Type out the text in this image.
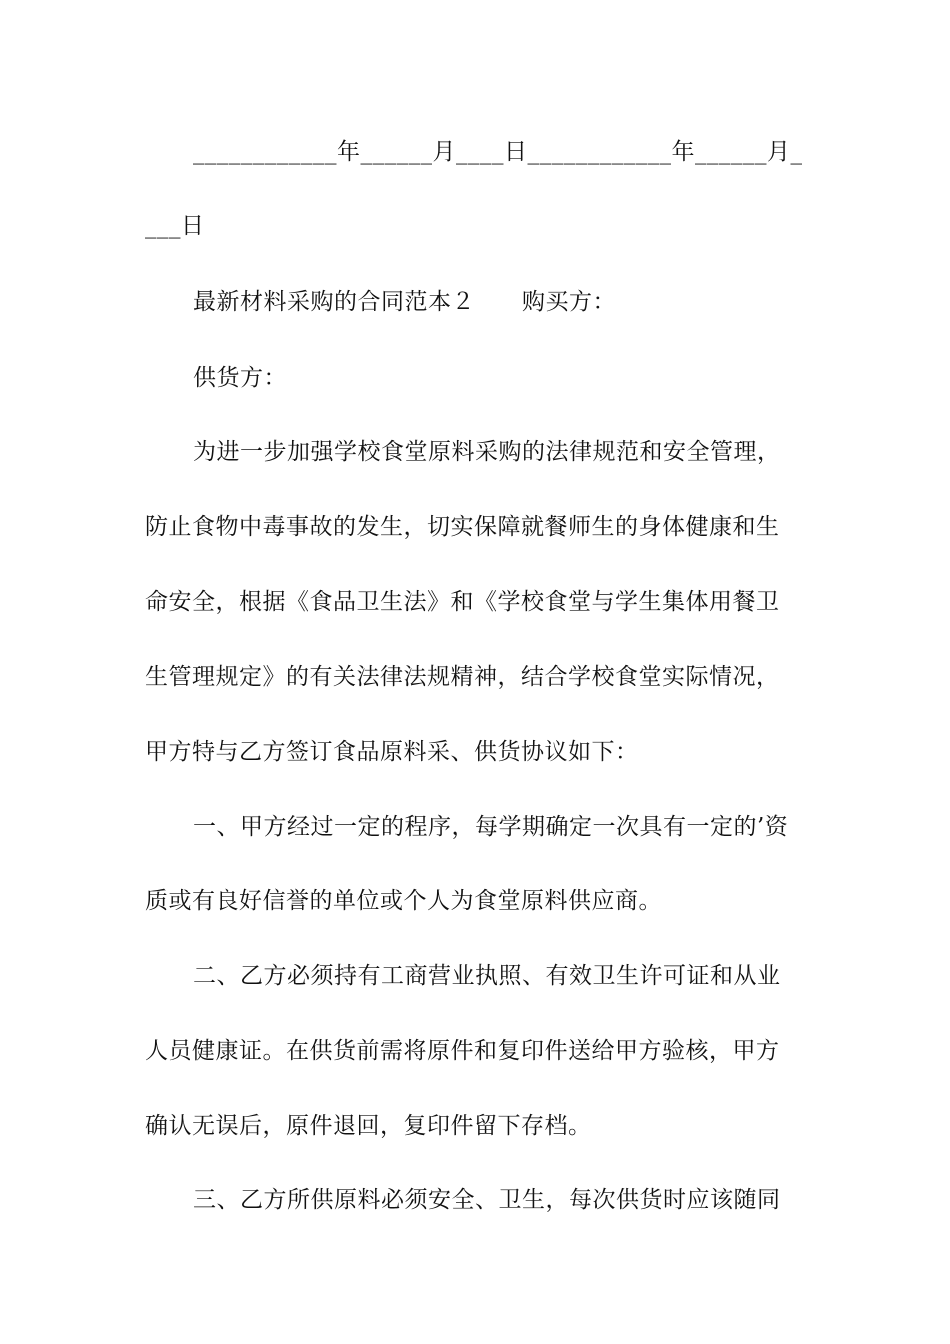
____________年______月____日____________年______月_
___日
最新材料采购的合同范本２　　购买方：
供货方：
为进一步加强学校食堂原料采购的法律规范和安全管理，
防止食物中毒事故的发生，切实保障就餐师生的身体健康和生
命安全，根据《食品卫生法》和《学校食堂与学生集体用餐卫
生管理规定》的有关法律法规精神，结合学校食堂实际情况，
甲方特与乙方签订食品原料采、供货协议如下：
一、甲方经过一定的程序，每学期确定一次具有一定的’资
质或有良好信誉的单位或个人为食堂原料供应商。
二、乙方必须持有工商营业执照、有效卫生许可证和从业
人员健康证。在供货前需将原件和复印件送给甲方验核，甲方
确认无误后，原件退回，复印件留下存档。
三、乙方所供原料必须安全、卫生，每次供货时应该随同
